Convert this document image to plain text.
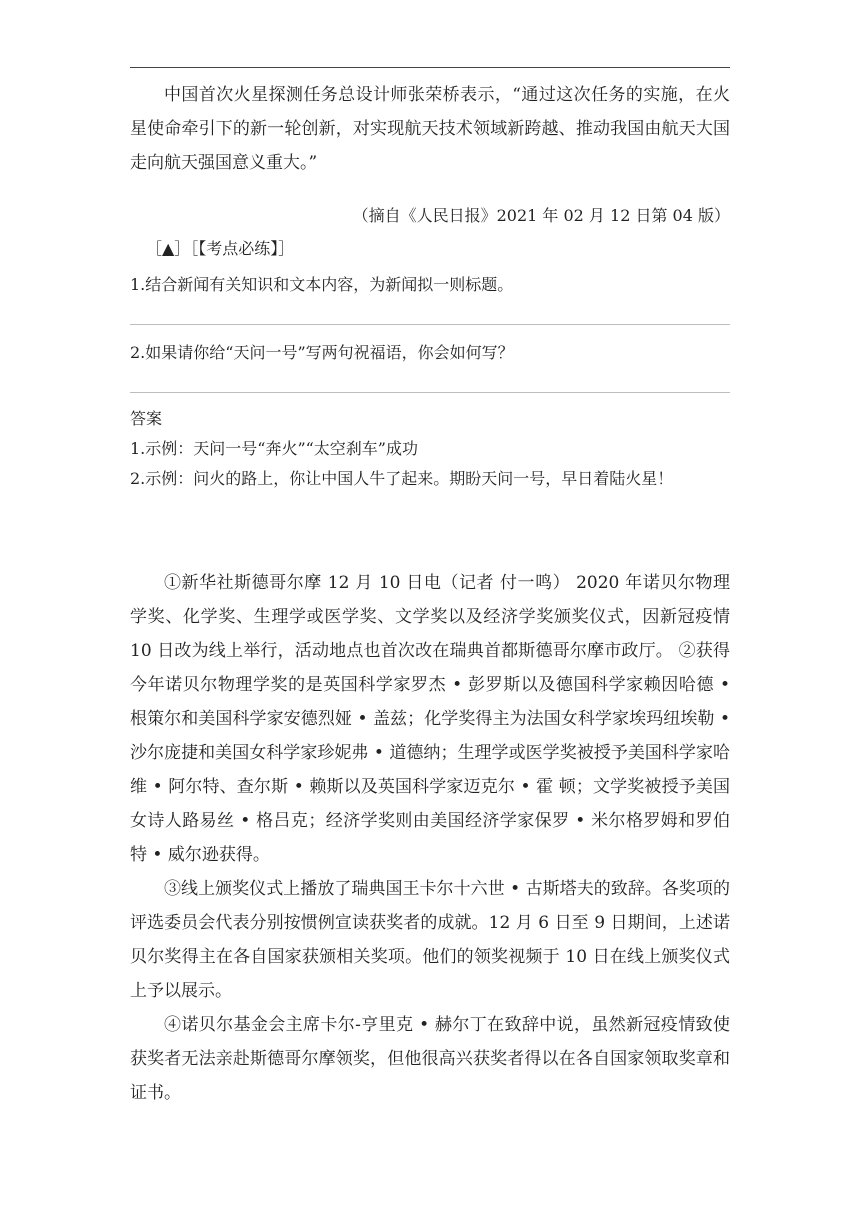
中国首次火星探测任务总设计师张荣桥表示，“通过这次任务的实施，在火星使命牵引下的新一轮创新，对实现航天技术领域新跨越、推动我国由航天大国走向航天强国意义重大。”

（摘自《人民日报》2021 年 02 月 12 日第 04 版）
［▲］［【考点必练】］

1.结合新闻有关知识和文本内容，为新闻拟一则标题。

2.如果请你给“天问一号”写两句祝福语，你会如何写？

答案

1.示例：天问一号“奔火”“太空刹车”成功

2.示例：问火的路上，你让中国人牛了起来。期盼天问一号，早日着陆火星！

①新华社斯德哥尔摩 12 月 10 日电（记者 付一鸣） 2020 年诺贝尔物理学奖、化学奖、生理学或医学奖、文学奖以及经济学奖颁奖仪式，因新冠疫情 10 日改为线上举行，活动地点也首次改在瑞典首都斯德哥尔摩市政厅。 ②获得今年诺贝尔物理学奖的是英国科学家罗杰 • 彭罗斯以及德国科学家赖因哈德 • 根策尔和美国科学家安德烈娅 • 盖兹；化学奖得主为法国女科学家埃玛纽埃勒 • 沙尔庞捷和美国女科学家珍妮弗 • 道德纳；生理学或医学奖被授予美国科学家哈维 • 阿尔特、查尔斯 • 赖斯以及英国科学家迈克尔 • 霍 顿；文学奖被授予美国女诗人路易丝 • 格吕克；经济学奖则由美国经济学家保罗 • 米尔格罗姆和罗伯特 • 威尔逊获得。

③线上颁奖仪式上播放了瑞典国王卡尔十六世 • 古斯塔夫的致辞。各奖项的评选委员会代表分别按惯例宣读获奖者的成就。12 月 6 日至 9 日期间，上述诺贝尔奖得主在各自国家获颁相关奖项。他们的领奖视频于 10 日在线上颁奖仪式上予以展示。

④诺贝尔基金会主席卡尔-亨里克 • 赫尔丁在致辞中说，虽然新冠疫情致使获奖者无法亲赴斯德哥尔摩领奖，但他很高兴获奖者得以在各自国家领取奖章和证书。
